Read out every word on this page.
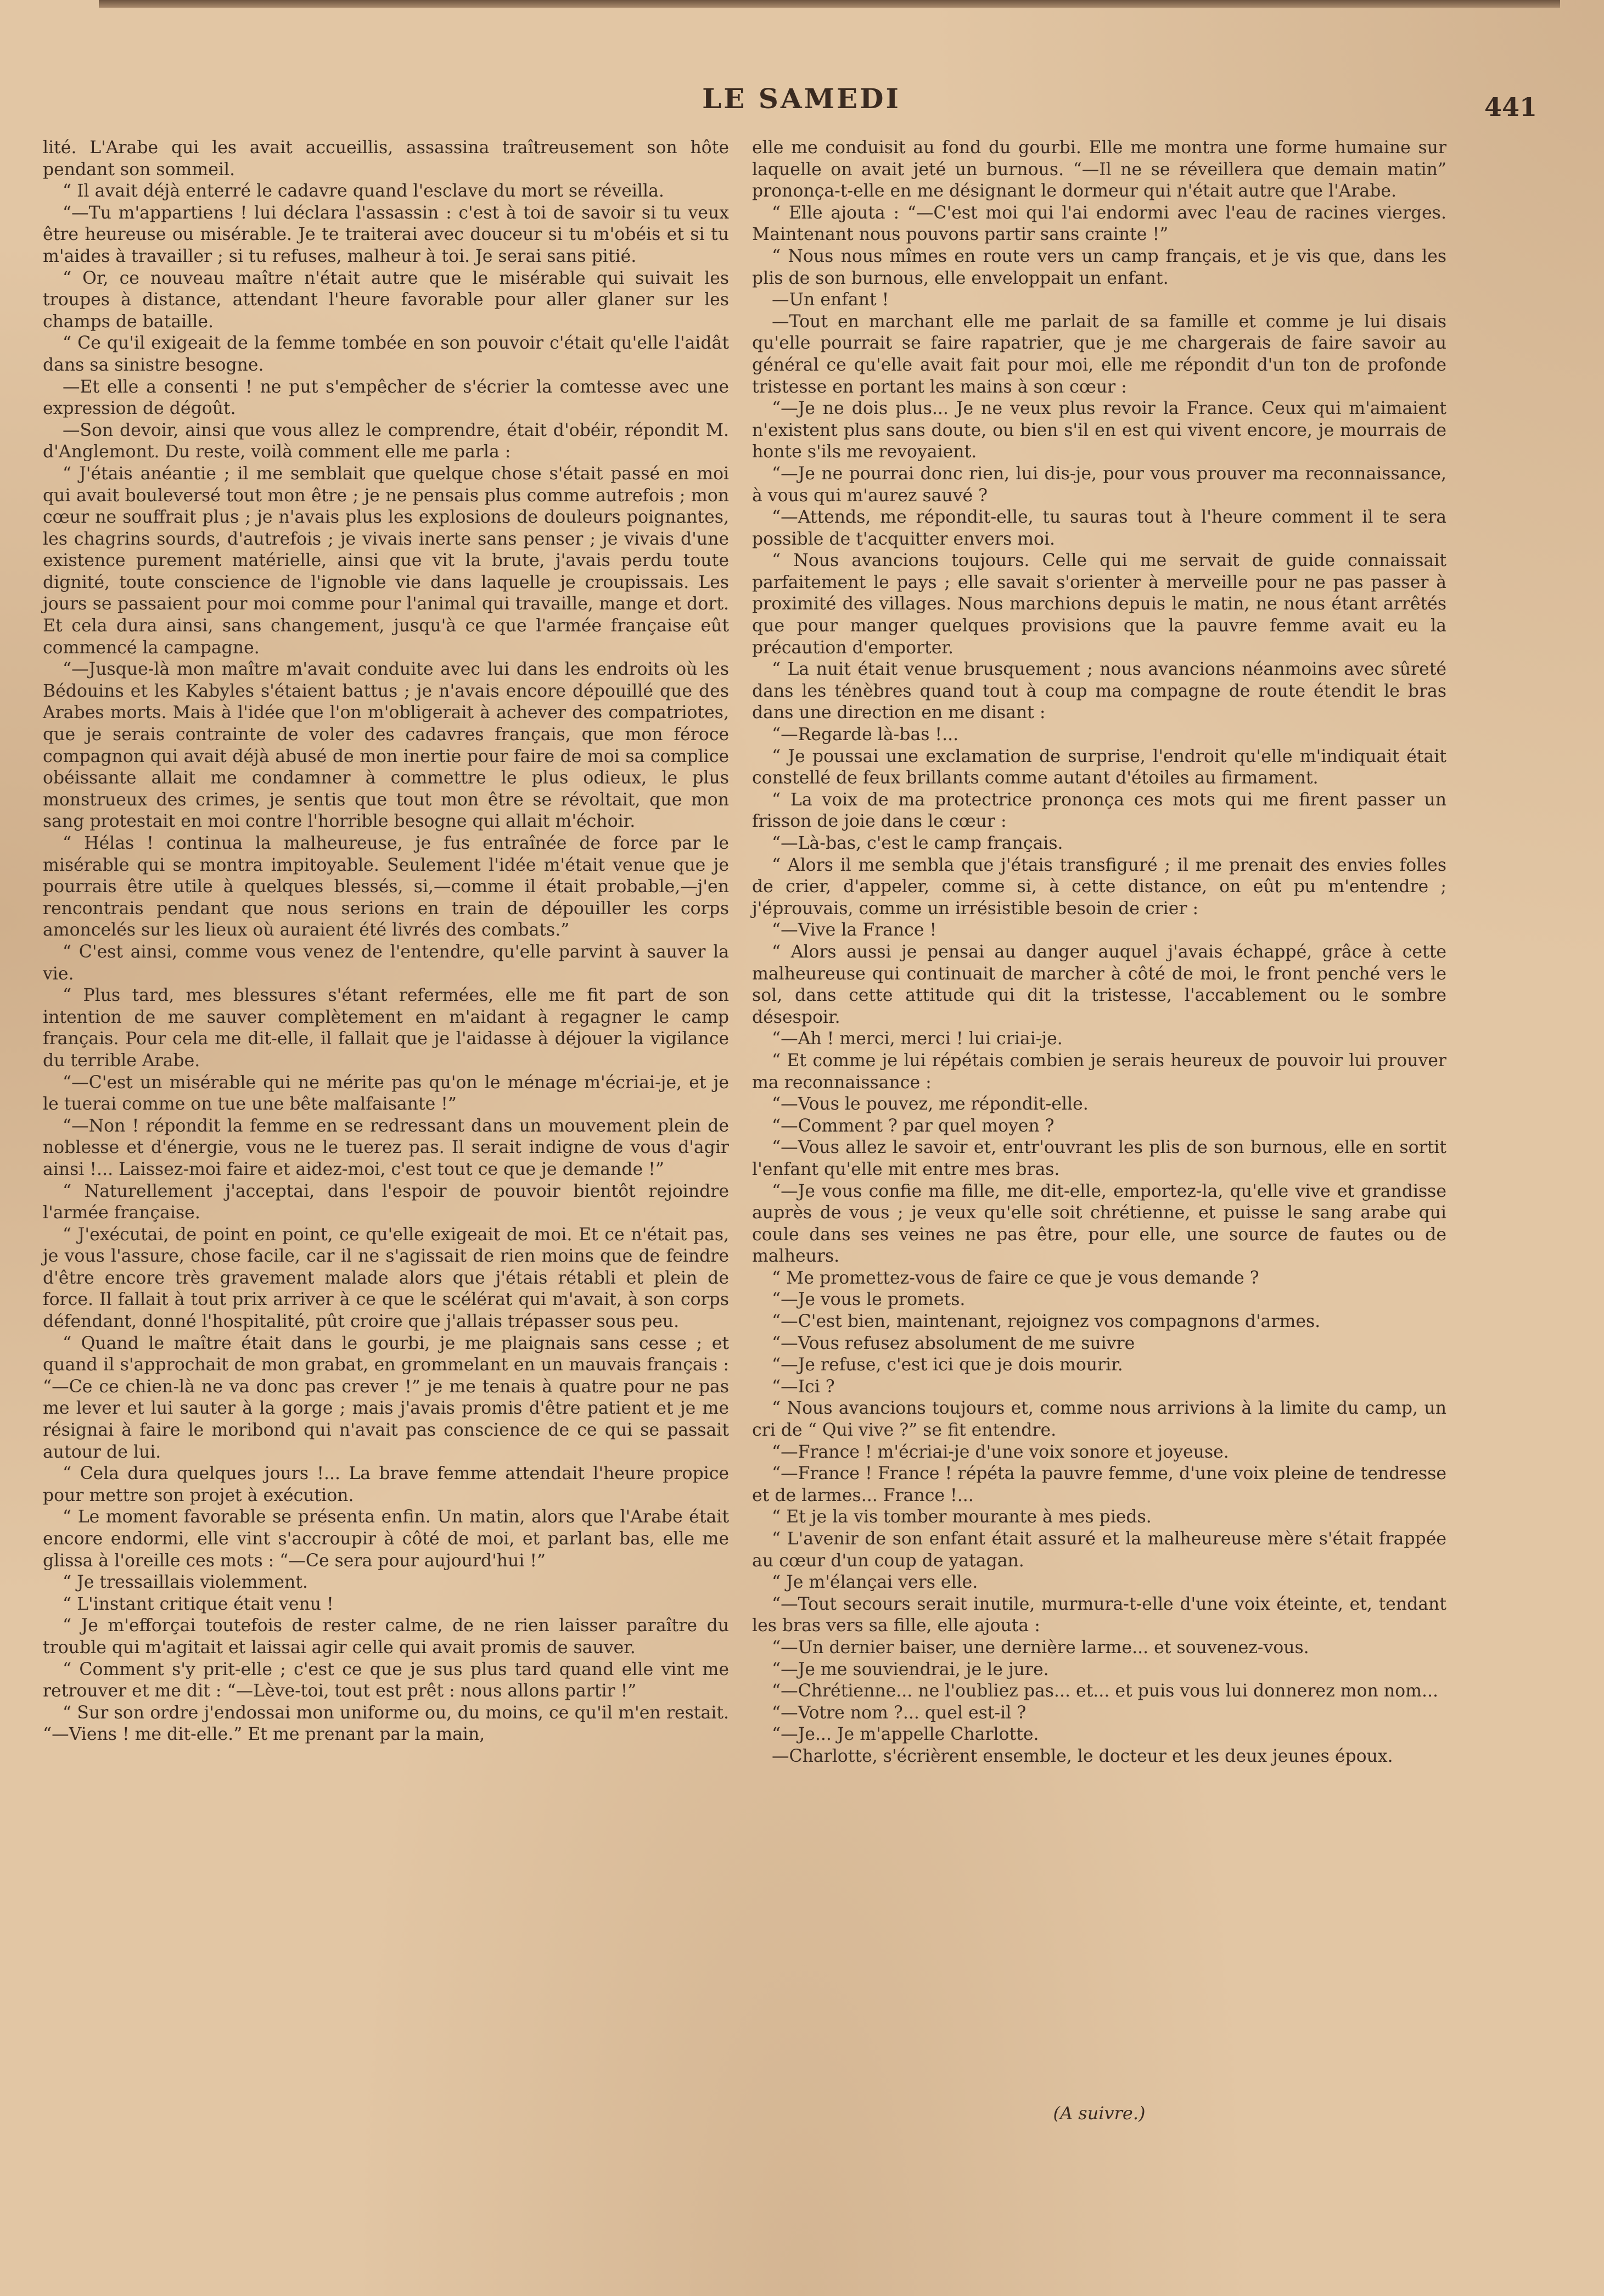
LE SAMEDI	441

lité. L'Arabe qui les avait accueillis, assassina traîtreusement son hôte pendant son sommeil.

“ Il avait déjà enterré le cadavre quand l'esclave du mort se réveilla.

“—Tu m'appartiens ! lui déclara l'assassin : c'est à toi de savoir si tu veux être heureuse ou misérable. Je te traiterai avec douceur si tu m'obéis et si tu m'aides à travailler ; si tu refuses, malheur à toi. Je serai sans pitié.

“ Or, ce nouveau maître n'était autre que le misérable qui suivait les troupes à distance, attendant l'heure favorable pour aller glaner sur les champs de bataille.

“ Ce qu'il exigeait de la femme tombée en son pouvoir c'était qu'elle l'aidât dans sa sinistre besogne.

—Et elle a consenti ! ne put s'empêcher de s'écrier la comtesse avec une expression de dégoût.

—Son devoir, ainsi que vous allez le comprendre, était d'obéir, répondit M. d'Anglemont. Du reste, voilà comment elle me parla :

“ J'étais anéantie ; il me semblait que quelque chose s'était passé en moi qui avait bouleversé tout mon être ; je ne pensais plus comme autrefois ; mon cœur ne souffrait plus ; je n'avais plus les explosions de douleurs poignantes, les chagrins sourds, d'autrefois ; je vivais inerte sans penser ; je vivais d'une existence purement matérielle, ainsi que vit la brute, j'avais perdu toute dignité, toute conscience de l'ignoble vie dans laquelle je croupissais. Les jours se passaient pour moi comme pour l'animal qui travaille, mange et dort. Et cela dura ainsi, sans changement, jusqu'à ce que l'armée française eût commencé la campagne.

“—Jusque-là mon maître m'avait conduite avec lui dans les endroits où les Bédouins et les Kabyles s'étaient battus ; je n'avais encore dépouillé que des Arabes morts. Mais à l'idée que l'on m'obligerait à achever des compatriotes, que je serais contrainte de voler des cadavres français, que mon féroce compagnon qui avait déjà abusé de mon inertie pour faire de moi sa complice obéissante allait me condamner à commettre le plus odieux, le plus monstrueux des crimes, je sentis que tout mon être se révoltait, que mon sang protestait en moi contre l'horrible besogne qui allait m'échoir.

“ Hélas ! continua la malheureuse, je fus entraînée de force par le misérable qui se montra impitoyable. Seulement l'idée m'était venue que je pourrais être utile à quelques blessés, si,—comme il était probable,—j'en rencontrais pendant que nous serions en train de dépouiller les corps amoncelés sur les lieux où auraient été livrés des combats.”

“ C'est ainsi, comme vous venez de l'entendre, qu'elle parvint à sauver la vie.

“ Plus tard, mes blessures s'étant refermées, elle me fit part de son intention de me sauver complètement en m'aidant à regagner le camp français. Pour cela me dit-elle, il fallait que je l'aidasse à déjouer la vigilance du terrible Arabe.

“—C'est un misérable qui ne mérite pas qu'on le ménage m'écriai-je, et je le tuerai comme on tue une bête malfaisante !”

“—Non ! répondit la femme en se redressant dans un mouvement plein de noblesse et d'énergie, vous ne le tuerez pas. Il serait indigne de vous d'agir ainsi !... Laissez-moi faire et aidez-moi, c'est tout ce que je demande !”

“ Naturellement j'acceptai, dans l'espoir de pouvoir bientôt rejoindre l'armée française.

“ J'exécutai, de point en point, ce qu'elle exigeait de moi. Et ce n'était pas, je vous l'assure, chose facile, car il ne s'agissait de rien moins que de feindre d'être encore très gravement malade alors que j'étais rétabli et plein de force. Il fallait à tout prix arriver à ce que le scélérat qui m'avait, à son corps défendant, donné l'hospitalité, pût croire que j'allais trépasser sous peu.

“ Quand le maître était dans le gourbi, je me plaignais sans cesse ; et quand il s'approchait de mon grabat, en grommelant en un mauvais français : “—Ce ce chien-là ne va donc pas crever !” je me tenais à quatre pour ne pas me lever et lui sauter à la gorge ; mais j'avais promis d'être patient et je me résignai à faire le moribond qui n'avait pas conscience de ce qui se passait autour de lui.

“ Cela dura quelques jours !... La brave femme attendait l'heure propice pour mettre son projet à exécution.

“ Le moment favorable se présenta enfin. Un matin, alors que l'Arabe était encore endormi, elle vint s'accroupir à côté de moi, et parlant bas, elle me glissa à l'oreille ces mots : “—Ce sera pour aujourd'hui !”

“ Je tressaillais violemment.

“ L'instant critique était venu !

“ Je m'efforçai toutefois de rester calme, de ne rien laisser paraître du trouble qui m'agitait et laissai agir celle qui avait promis de sauver.

“ Comment s'y prit-elle ; c'est ce que je sus plus tard quand elle vint me retrouver et me dit : “—Lève-toi, tout est prêt : nous allons partir !”

“ Sur son ordre j'endossai mon uniforme ou, du moins, ce qu'il m'en restait. “—Viens ! me dit-elle.” Et me prenant par la main,

elle me conduisit au fond du gourbi. Elle me montra une forme humaine sur laquelle on avait jeté un burnous. “—Il ne se réveillera que demain matin” prononça-t-elle en me désignant le dormeur qui n'était autre que l'Arabe.

“ Elle ajouta : “—C'est moi qui l'ai endormi avec l'eau de racines vierges. Maintenant nous pouvons partir sans crainte !”

“ Nous nous mîmes en route vers un camp français, et je vis que, dans les plis de son burnous, elle enveloppait un enfant.

—Un enfant !

—Tout en marchant elle me parlait de sa famille et comme je lui disais qu'elle pourrait se faire rapatrier, que je me chargerais de faire savoir au général ce qu'elle avait fait pour moi, elle me répondit d'un ton de profonde tristesse en portant les mains à son cœur :

“—Je ne dois plus... Je ne veux plus revoir la France. Ceux qui m'aimaient n'existent plus sans doute, ou bien s'il en est qui vivent encore, je mourrais de honte s'ils me revoyaient.

“—Je ne pourrai donc rien, lui dis-je, pour vous prouver ma reconnaissance, à vous qui m'aurez sauvé ?

“—Attends, me répondit-elle, tu sauras tout à l'heure comment il te sera possible de t'acquitter envers moi.

“ Nous avancions toujours. Celle qui me servait de guide connaissait parfaitement le pays ; elle savait s'orienter à merveille pour ne pas passer à proximité des villages. Nous marchions depuis le matin, ne nous étant arrêtés que pour manger quelques provisions que la pauvre femme avait eu la précaution d'emporter.

“ La nuit était venue brusquement ; nous avancions néanmoins avec sûreté dans les ténèbres quand tout à coup ma compagne de route étendit le bras dans une direction en me disant :

“—Regarde là-bas !...

“ Je poussai une exclamation de surprise, l'endroit qu'elle m'indiquait était constellé de feux brillants comme autant d'étoiles au firmament.

“ La voix de ma protectrice prononça ces mots qui me firent passer un frisson de joie dans le cœur :

“—Là-bas, c'est le camp français.

“ Alors il me sembla que j'étais transfiguré ; il me prenait des envies folles de crier, d'appeler, comme si, à cette distance, on eût pu m'entendre ; j'éprouvais, comme un irrésistible besoin de crier :

“—Vive la France !

“ Alors aussi je pensai au danger auquel j'avais échappé, grâce à cette malheureuse qui continuait de marcher à côté de moi, le front penché vers le sol, dans cette attitude qui dit la tristesse, l'accablement ou le sombre désespoir.

“—Ah ! merci, merci ! lui criai-je.

“ Et comme je lui répétais combien je serais heureux de pouvoir lui prouver ma reconnaissance :

“—Vous le pouvez, me répondit-elle.

“—Comment ? par quel moyen ?

“—Vous allez le savoir et, entr'ouvrant les plis de son burnous, elle en sortit l'enfant qu'elle mit entre mes bras.

“—Je vous confie ma fille, me dit-elle, emportez-la, qu'elle vive et grandisse auprès de vous ; je veux qu'elle soit chrétienne, et puisse le sang arabe qui coule dans ses veines ne pas être, pour elle, une source de fautes ou de malheurs.

“ Me promettez-vous de faire ce que je vous demande ?

“—Je vous le promets.

“—C'est bien, maintenant, rejoignez vos compagnons d'armes.

“—Vous refusez absolument de me suivre

“—Je refuse, c'est ici que je dois mourir.

“—Ici ?

“ Nous avancions toujours et, comme nous arrivions à la limite du camp, un cri de “ Qui vive ?” se fit entendre.

“—France ! m'écriai-je d'une voix sonore et joyeuse.

“—France ! France ! répéta la pauvre femme, d'une voix pleine de tendresse et de larmes... France !...

“ Et je la vis tomber mourante à mes pieds.

“ L'avenir de son enfant était assuré et la malheureuse mère s'était frappée au cœur d'un coup de yatagan.

“ Je m'élançai vers elle.

“—Tout secours serait inutile, murmura-t-elle d'une voix éteinte, et, tendant les bras vers sa fille, elle ajouta :

“—Un dernier baiser, une dernière larme... et souvenez-vous.

“—Je me souviendrai, je le jure.

“—Chrétienne... ne l'oubliez pas... et... et puis vous lui donnerez mon nom...

“—Votre nom ?... quel est-il ?

“—Je... Je m'appelle Charlotte.

—Charlotte, s'écrièrent ensemble, le docteur et les deux jeunes époux.

(A suivre.)
